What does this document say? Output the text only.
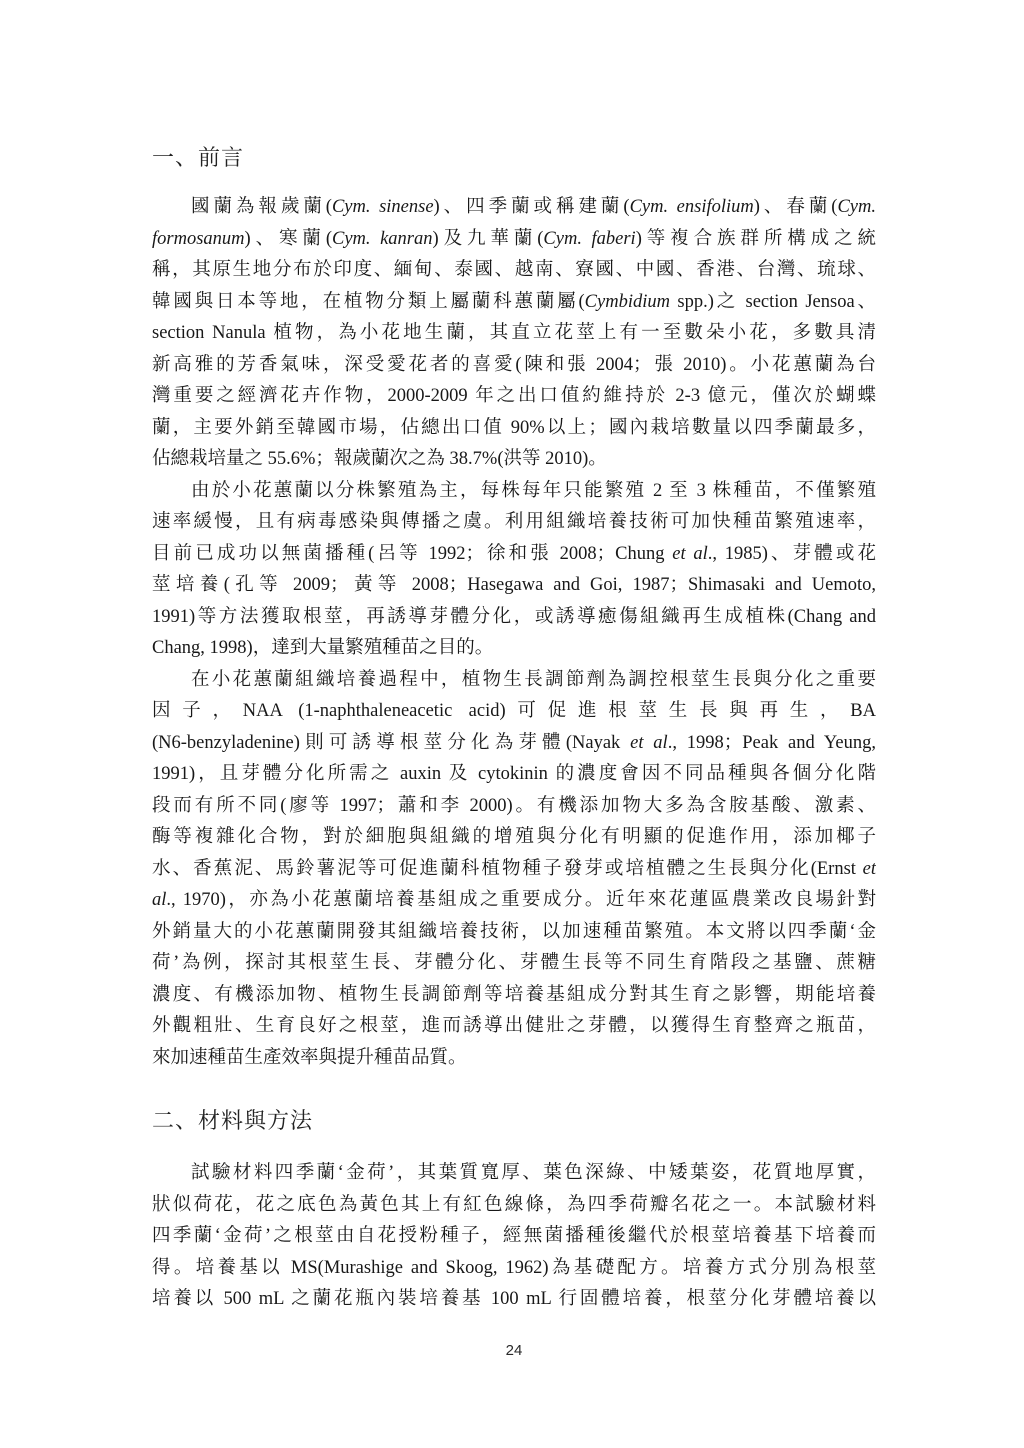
一、前言
國蘭為報歲蘭(Cym. sinense)、四季蘭或稱建蘭(Cym. ensifolium)、春蘭(Cym.
formosanum)、寒蘭(Cym. kanran)及九華蘭(Cym. faberi)等複合族群所構成之統
稱，其原生地分布於印度、緬甸、泰國、越南、寮國、中國、香港、台灣、琉球、
韓國與日本等地，在植物分類上屬蘭科蕙蘭屬(Cymbidium spp.)之 section Jensoa、
section Nanula 植物，為小花地生蘭，其直立花莖上有一至數朵小花，多數具清
新高雅的芳香氣味，深受愛花者的喜愛(陳和張 2004；張 2010)。小花蕙蘭為台
灣重要之經濟花卉作物，2000-2009 年之出口值約維持於 2-3 億元，僅次於蝴蝶
蘭，主要外銷至韓國市場，佔總出口值 90%以上；國內栽培數量以四季蘭最多，
佔總栽培量之 55.6%；報歲蘭次之為 38.7%(洪等 2010)。
由於小花蕙蘭以分株繁殖為主，每株每年只能繁殖 2 至 3 株種苗，不僅繁殖
速率緩慢，且有病毒感染與傳播之虞。利用組織培養技術可加快種苗繁殖速率，
目前已成功以無菌播種(呂等 1992；徐和張 2008；Chung et al., 1985)、芽體或花
莖培養(孔等 2009；黃等 2008；Hasegawa and Goi, 1987；Shimasaki and Uemoto,
1991)等方法獲取根莖，再誘導芽體分化，或誘導癒傷組織再生成植株(Chang and
Chang, 1998)，達到大量繁殖種苗之目的。
在小花蕙蘭組織培養過程中，植物生長調節劑為調控根莖生長與分化之重要
因子，NAA (1-naphthaleneacetic acid)可促進根莖生長與再生，BA
(N6-benzyladenine)則可誘導根莖分化為芽體(Nayak et al., 1998；Peak and Yeung,
1991)，且芽體分化所需之 auxin 及 cytokinin 的濃度會因不同品種與各個分化階
段而有所不同(廖等 1997；蕭和李 2000)。有機添加物大多為含胺基酸、激素、
酶等複雜化合物，對於細胞與組織的增殖與分化有明顯的促進作用，添加椰子
水、香蕉泥、馬鈴薯泥等可促進蘭科植物種子發芽或培植體之生長與分化(Ernst et
al., 1970)，亦為小花蕙蘭培養基組成之重要成分。近年來花蓮區農業改良場針對
外銷量大的小花蕙蘭開發其組織培養技術，以加速種苗繁殖。本文將以四季蘭‘金
荷’為例，探討其根莖生長、芽體分化、芽體生長等不同生育階段之基鹽、蔗糖
濃度、有機添加物、植物生長調節劑等培養基組成分對其生育之影響，期能培養
外觀粗壯、生育良好之根莖，進而誘導出健壯之芽體，以獲得生育整齊之瓶苗，
來加速種苗生產效率與提升種苗品質。
二、材料與方法
試驗材料四季蘭‘金荷’，其葉質寬厚、葉色深綠、中矮葉姿，花質地厚實，
狀似荷花，花之底色為黃色其上有紅色線條，為四季荷瓣名花之一。本試驗材料
四季蘭‘金荷’之根莖由自花授粉種子，經無菌播種後繼代於根莖培養基下培養而
得。培養基以 MS(Murashige and Skoog, 1962)為基礎配方。培養方式分別為根莖
培養以 500 mL 之蘭花瓶內裝培養基 100 mL 行固體培養，根莖分化芽體培養以
24
